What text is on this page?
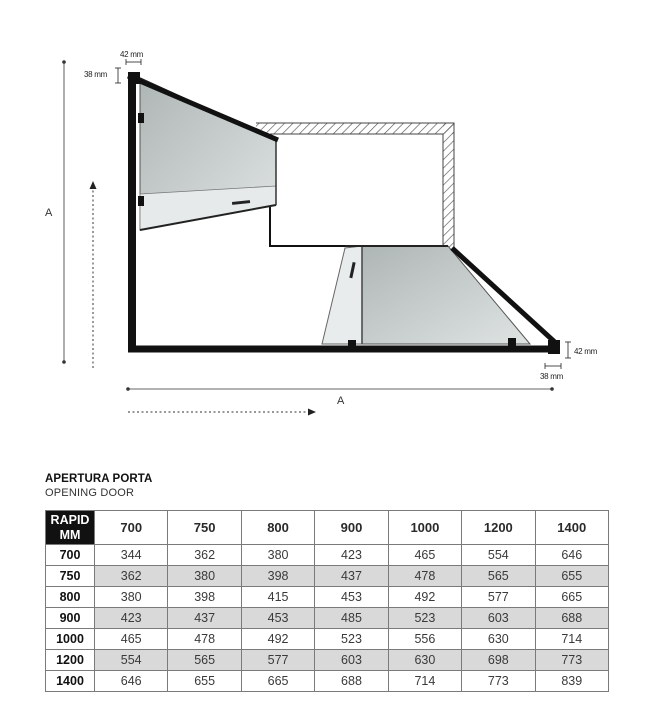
42 mm
38 mm
42 mm
38 mm
A
A
APERTURA PORTA
OPENING DOOR
RAPID
MM	700	750	800	900	1000	1200	1400
700	344	362	380	423	465	554	646
750	362	380	398	437	478	565	655
800	380	398	415	453	492	577	665
900	423	437	453	485	523	603	688
1000	465	478	492	523	556	630	714
1200	554	565	577	603	630	698	773
1400	646	655	665	688	714	773	839
